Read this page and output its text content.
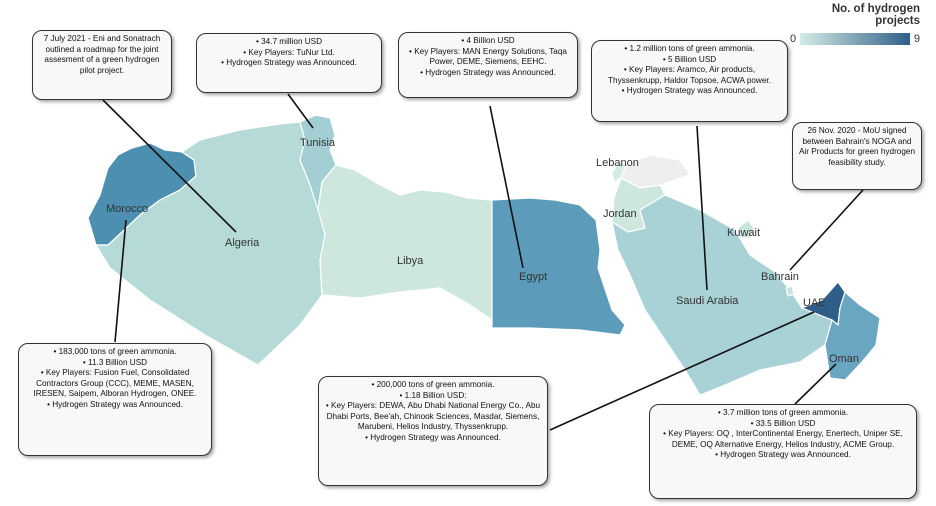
Morocco
Algeria
Tunisia
Libya
Egypt
Lebanon
Jordan
Saudi Arabia
Kuwait
Bahrain
UAE
Oman
No. of hydrogen projects
0	9
7 July 2021 - Eni and Sonatrach outlined a roadmap for the joint assesment of a green hydrogen pilot project.
• 34.7 million USD
• Key Players: TuNur Ltd.
• Hydrogen Strategy was Announced.
• 4 Billion USD
• Key Players: MAN Energy Solutions, Taqa Power, DEME, Siemens, EEHC.
• Hydrogen Strategy was Announced.
• 1.2 million tons of green ammonia.
• 5 Billion USD
• Key Players: Aramco, Air products, Thyssenkrupp, Haldor Topsoe, ACWA power.
• Hydrogen Strategy was Announced.
26 Nov. 2020 - MoU signed between Bahrain's NOGA and Air Products for green hydrogen feasibility study.
• 183,000 tons of green ammonia.
• 11.3 Billion USD
• Key Players: Fusion Fuel, Consolidated Contractors Group (CCC), MEME, MASEN, IRESEN, Saipem, Alboran Hydrogen, ONEE.
• Hydrogen Strategy was Announced.
• 200,000 tons of green ammonia.
• 1.18 Billion USD:
• Key Players: DEWA, Abu Dhabi National Energy Co., Abu Dhabi Ports, Bee'ah, Chinook Sciences, Masdar, Siemens, Marubeni, Helios Industry, Thyssenkrupp.
• Hydrogen Strategy was Announced.
• 3.7 million tons of green ammonia.
• 33.5 Billion USD
• Key Players: OQ , InterContinental Energy, Enertech, Uniper SE, DEME, OQ Alternative Energy, Helios Industry, ACME Group.
• Hydrogen Strategy was Announced.
